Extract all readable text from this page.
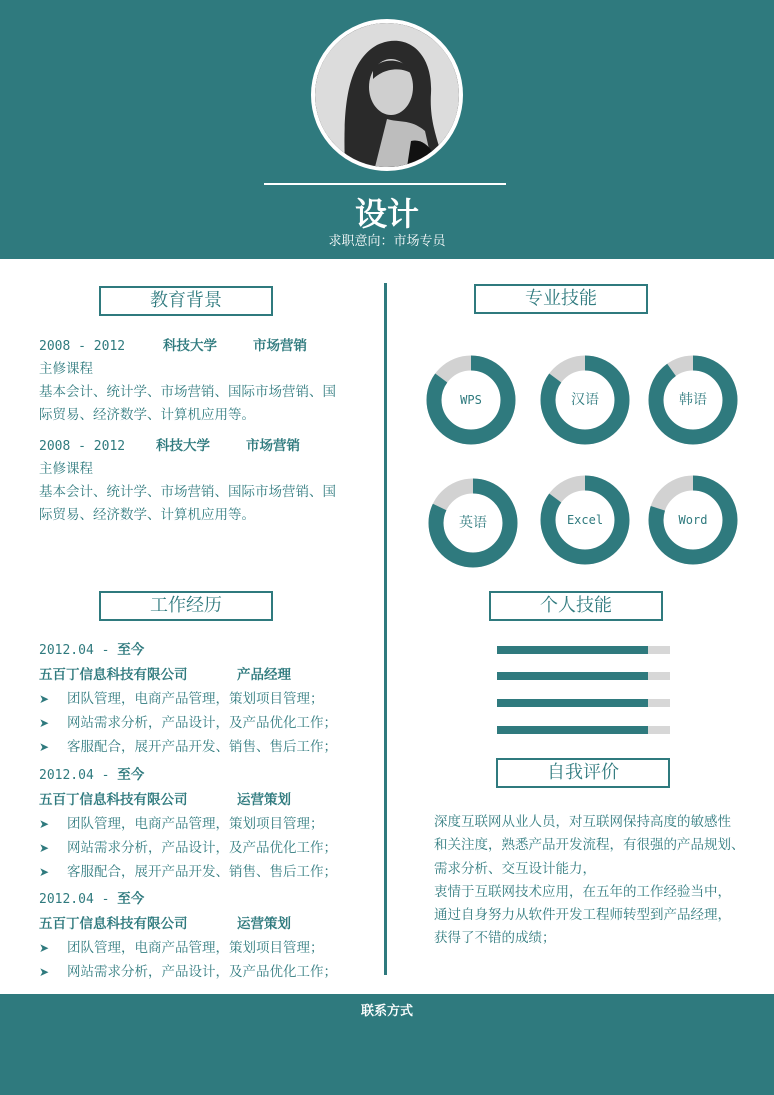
设计
求职意向：市场专员
教育背景
2008 - 2012	科技大学	市场营销
主修课程
基本会计、统计学、市场营销、国际市场营销、国际贸易、经济数学、计算机应用等。
2008 - 2012	科技大学	市场营销
主修课程
基本会计、统计学、市场营销、国际市场营销、国际贸易、经济数学、计算机应用等。
工作经历
2012.04 - 至今
五百丁信息科技有限公司	产品经理
➤	团队管理，电商产品管理，策划项目管理；
➤	网站需求分析，产品设计，及产品优化工作；
➤	客服配合，展开产品开发、销售、售后工作；
2012.04 - 至今
五百丁信息科技有限公司	运营策划
➤	团队管理，电商产品管理，策划项目管理；
➤	网站需求分析，产品设计，及产品优化工作；
➤	客服配合，展开产品开发、销售、售后工作；
2012.04 - 至今
五百丁信息科技有限公司	运营策划
➤	团队管理，电商产品管理，策划项目管理；
➤	网站需求分析，产品设计，及产品优化工作；
专业技能
WPS	汉语	韩语
英语	Excel	Word
个人技能
自我评价
深度互联网从业人员，对互联网保持高度的敏感性
和关注度，熟悉产品开发流程，有很强的产品规划、
需求分析、交互设计能力，
衷情于互联网技术应用，在五年的工作经验当中，
通过自身努力从软件开发工程师转型到产品经理，
获得了不错的成绩；
联系方式
